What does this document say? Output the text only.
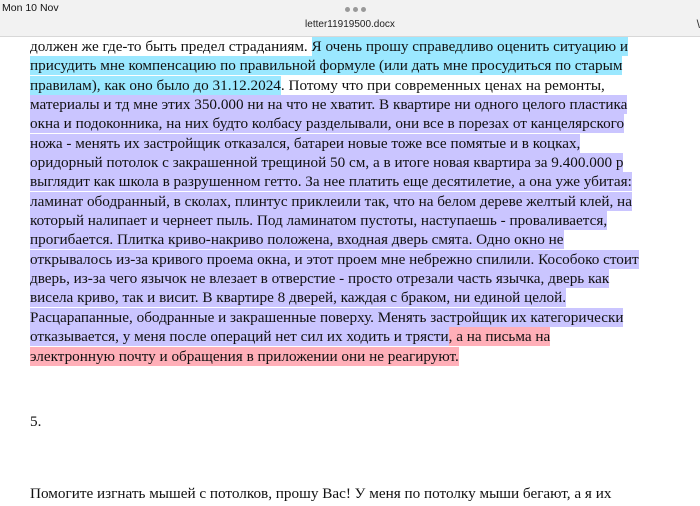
Mon 10 Nov
letter11919500.docx	\
должен же где-то быть предел страданиям. Я очень прошу справедливо оценить ситуацию и
присудить мне компенсацию по правильной формуле (или дать мне просудиться по старым
правилам), как оно было до 31.12.2024. Потому что при современных ценах на ремонты,
материалы и тд мне этих 350.000 ни на что не хватит. В квартире ни одного целого пластика
окна и подоконника, на них будто колбасу разделывали, они все в порезах от канцелярского
ножа - менять их застройщик отказался, батареи новые тоже все помятые и в коцках,
оридорный потолок с закрашенной трещиной 50 см, а в итоге новая квартира за 9.400.000 р
выглядит как школа в разрушенном гетто. За нее платить еще десятилетие, а она уже убитая:
ламинат ободранный, в сколах, плинтус приклеили так, что на белом дереве желтый клей, на
который налипает и чернеет пыль. Под ламинатом пустоты, наступаешь - проваливается,
прогибается. Плитка криво-накриво положена, входная дверь смята. Одно окно не
открывалось из-за кривого проема окна, и этот проем мне небрежно спилили. Кособоко стоит
дверь, из-за чего язычок не влезает в отверстие - просто отрезали часть язычка, дверь как
висела криво, так и висит. В квартире 8 дверей, каждая с браком, ни единой целой.
Расцарапанные, ободранные и закрашенные поверху. Менять застройщик их категорически
отказывается, у меня после операций нет сил их ходить и трясти, а на письма на
электронную почту и обращения в приложении они не реагируют.
5.
Помогите изгнать мышей с потолков, прошу Вас! У меня по потолку мыши бегают, а я их
